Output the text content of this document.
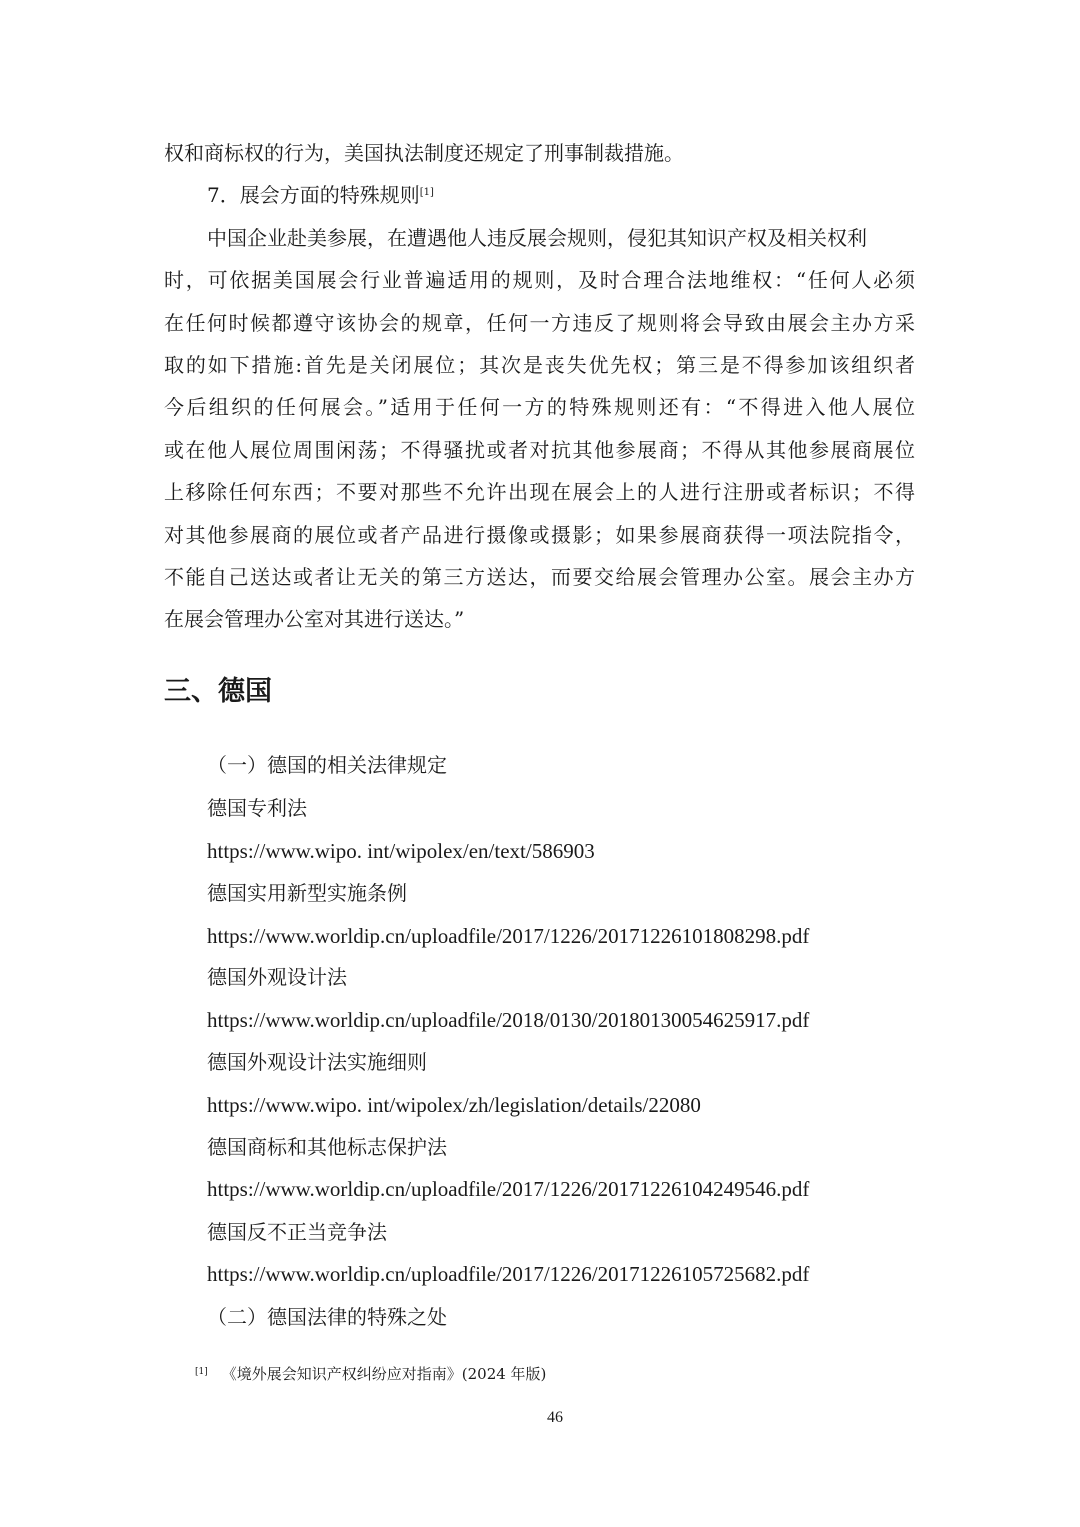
权和商标权的行为，美国执法制度还规定了刑事制裁措施。
7．展会方面的特殊规则[1]
中国企业赴美参展，在遭遇他人违反展会规则，侵犯其知识产权及相关权利
时，可依据美国展会行业普遍适用的规则，及时合理合法地维权：“任何人必须
在任何时候都遵守该协会的规章，任何一方违反了规则将会导致由展会主办方采
取的如下措施:首先是关闭展位；其次是丧失优先权；第三是不得参加该组织者
今后组织的任何展会。”适用于任何一方的特殊规则还有：“不得进入他人展位
或在他人展位周围闲荡；不得骚扰或者对抗其他参展商；不得从其他参展商展位
上移除任何东西；不要对那些不允许出现在展会上的人进行注册或者标识；不得
对其他参展商的展位或者产品进行摄像或摄影；如果参展商获得一项法院指令，
不能自己送达或者让无关的第三方送达，而要交给展会管理办公室。展会主办方
在展会管理办公室对其进行送达。”
三、德国
（一）德国的相关法律规定
德国专利法
https://www.wipo. int/wipolex/en/text/586903
德国实用新型实施条例
https://www.worldip.cn/uploadfile/2017/1226/20171226101808298.pdf
德国外观设计法
https://www.worldip.cn/uploadfile/2018/0130/20180130054625917.pdf
德国外观设计法实施细则
https://www.wipo. int/wipolex/zh/legislation/details/22080
德国商标和其他标志保护法
https://www.worldip.cn/uploadfile/2017/1226/20171226104249546.pdf
德国反不正当竞争法
https://www.worldip.cn/uploadfile/2017/1226/20171226105725682.pdf
（二）德国法律的特殊之处
[1] 《境外展会知识产权纠纷应对指南》(2024 年版)
46
